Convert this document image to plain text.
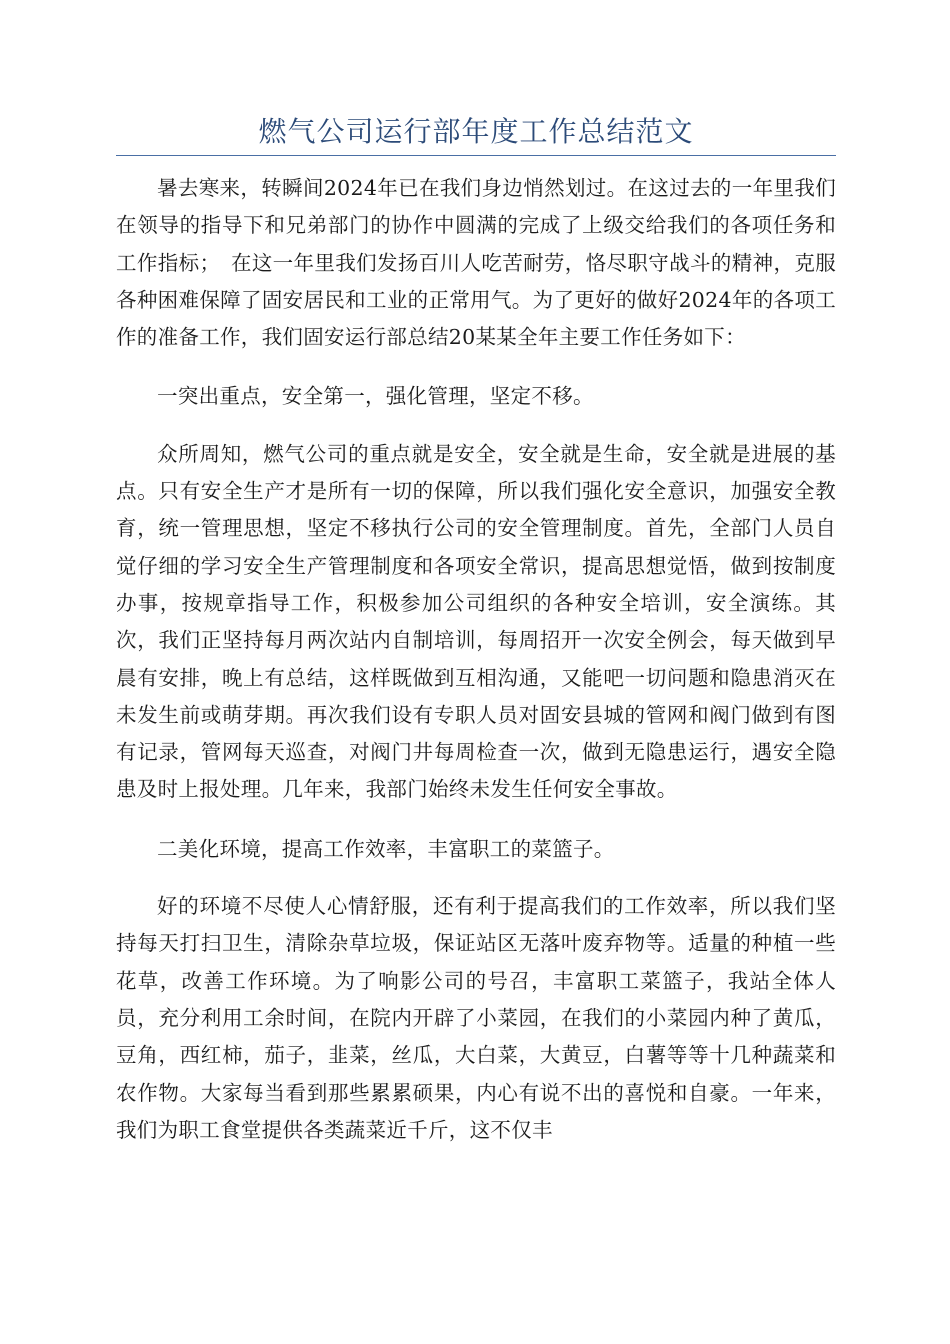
燃气公司运行部年度工作总结范文

暑去寒来，转瞬间2024年已在我们身边悄然划过。在这过去的一年里我们在领导的指导下和兄弟部门的协作中圆满的完成了上级交给我们的各项任务和工作指标；　在这一年里我们发扬百川人吃苦耐劳，恪尽职守战斗的精神，克服各种困难保障了固安居民和工业的正常用气。为了更好的做好2024年的各项工作的准备工作，我们固安运行部总结20某某全年主要工作任务如下：

一突出重点，安全第一，强化管理，坚定不移。

众所周知，燃气公司的重点就是安全，安全就是生命，安全就是进展的基点。只有安全生产才是所有一切的保障，所以我们强化安全意识，加强安全教育，统一管理思想，坚定不移执行公司的安全管理制度。首先，全部门人员自觉仔细的学习安全生产管理制度和各项安全常识，提高思想觉悟，做到按制度办事，按规章指导工作，积极参加公司组织的各种安全培训，安全演练。其次，我们正坚持每月两次站内自制培训，每周招开一次安全例会，每天做到早晨有安排，晚上有总结，这样既做到互相沟通，又能吧一切问题和隐患消灭在未发生前或萌芽期。再次我们设有专职人员对固安县城的管网和阀门做到有图有记录，管网每天巡查，对阀门井每周检查一次，做到无隐患运行，遇安全隐患及时上报处理。几年来，我部门始终未发生任何安全事故。

二美化环境，提高工作效率，丰富职工的菜篮子。

好的环境不尽使人心情舒服，还有利于提高我们的工作效率，所以我们坚持每天打扫卫生，清除杂草垃圾，保证站区无落叶废弃物等。适量的种植一些花草，改善工作环境。为了响影公司的号召，丰富职工菜篮子，我站全体人员，充分利用工余时间，在院内开辟了小菜园，在我们的小菜园内种了黄瓜，豆角，西红柿，茄子，韭菜，丝瓜，大白菜，大黄豆，白薯等等十几种蔬菜和农作物。大家每当看到那些累累硕果，内心有说不出的喜悦和自豪。一年来，我们为职工食堂提供各类蔬菜近千斤，这不仅丰
